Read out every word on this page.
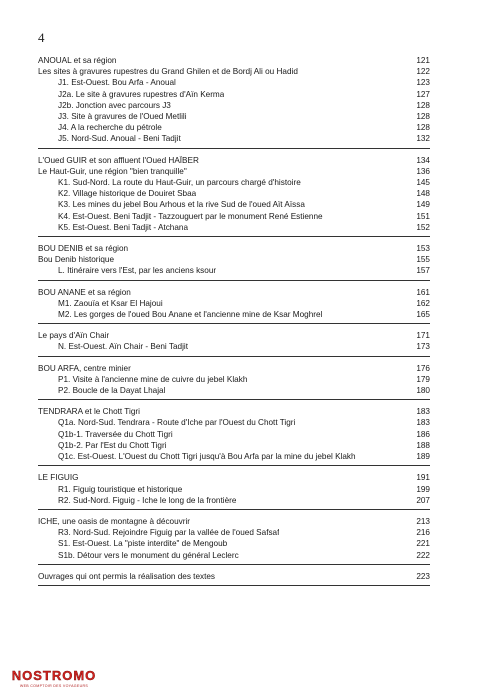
4
ANOUAL et sa région	121
Les sites à gravures rupestres du Grand Ghilen et de Bordj Ali ou Hadid	122
J1. Est-Ouest. Bou Arfa - Anoual	123
J2a. Le site à gravures rupestres d'Aïn Kerma	127
J2b. Jonction avec parcours J3	128
J3. Site à gravures de l'Oued Metlili	128
J4. A la recherche du pétrole	128
J5. Nord-Sud. Anoual - Beni Tadjit	132
L'Oued GUIR et son affluent l'Oued HAÏBER	134
Le Haut-Guir, une région "bien tranquille"	136
K1. Sud-Nord. La route du Haut-Guir, un parcours chargé d'histoire	145
K2. Village historique de Douiret Sbaa	148
K3. Les mines du jebel Bou Arhous et la rive Sud de l'oued Aït Aïssa	149
K4. Est-Ouest. Beni Tadjit - Tazzouguert par le monument René Estienne	151
K5. Est-Ouest. Beni Tadjit - Atchana	152
BOU DENIB et sa région	153
Bou Denib historique	155
L. Itinéraire vers l'Est, par les anciens ksour	157
BOU ANANE et sa région	161
M1. Zaouïa et Ksar El Hajoui	162
M2. Les gorges de l'oued Bou Anane et l'ancienne mine de Ksar Moghrel	165
Le pays d'Aïn Chair	171
N. Est-Ouest. Aïn Chair - Beni Tadjit	173
BOU ARFA, centre minier	176
P1. Visite à l'ancienne mine de cuivre du jebel Klakh	179
P2. Boucle de la Dayat Lhajal	180
TENDRARA et le Chott Tigri	183
Q1a. Nord-Sud. Tendrara - Route d'Iche par l'Ouest du Chott Tigri	183
Q1b-1. Traversée du Chott Tigri	186
Q1b-2. Par l'Est du Chott Tigri	188
Q1c. Est-Ouest. L'Ouest du Chott Tigri jusqu'à Bou Arfa par la mine du jebel Klakh	189
LE FIGUIG	191
R1. Figuig touristique et historique	199
R2. Sud-Nord. Figuig - Iche le long de la frontière	207
ICHE, une oasis de montagne à découvrir	213
R3. Nord-Sud. Rejoindre Figuig par la vallée de l'oued Safsaf	216
S1. Est-Ouest. La "piste interdite" de Mengoub	221
S1b. Détour vers le monument du général Leclerc	222
Ouvrages qui ont permis la réalisation des textes	223
NOSTROMO
WEB COMPTOIR DES VOYAGEURS
